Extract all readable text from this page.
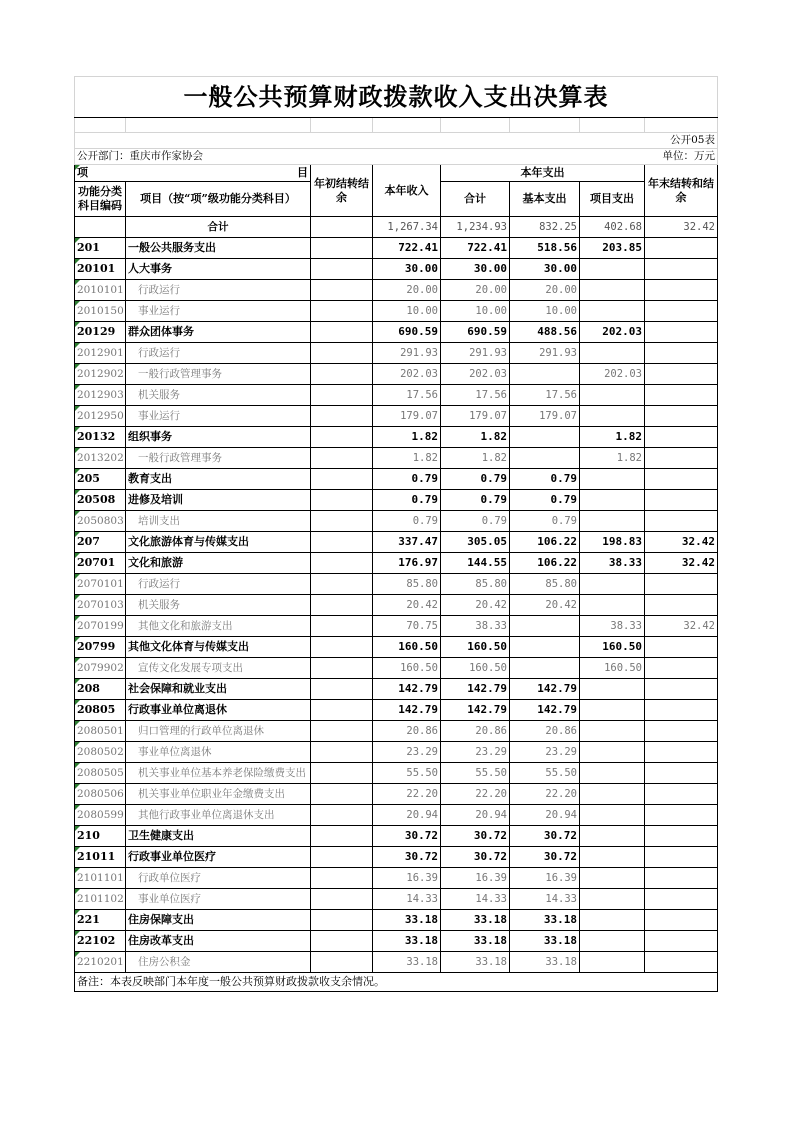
一般公共预算财政拨款收入支出决算表							

							公开05表
公开部门：重庆市作家协会							单位：万元
项	目	年初结转结余	本年收入	本年支出			年末结转和结余
功能分类科目编码	项目（按“项”级功能分类科目）			合计	基本支出	项目支出	

	合计		1,267.34	1,234.93	832.25	402.68	32.42
201	一般公共服务支出		722.41	722.41	518.56	203.85	
20101	人大事务		30.00	30.00	30.00		
2010101	行政运行		20.00	20.00	20.00		
2010150	事业运行		10.00	10.00	10.00		
20129	群众团体事务		690.59	690.59	488.56	202.03	
2012901	行政运行		291.93	291.93	291.93		
2012902	一般行政管理事务		202.03	202.03		202.03	
2012903	机关服务		17.56	17.56	17.56		
2012950	事业运行		179.07	179.07	179.07		
20132	组织事务		1.82	1.82		1.82	
2013202	一般行政管理事务		1.82	1.82		1.82	
205	教育支出		0.79	0.79	0.79		
20508	进修及培训		0.79	0.79	0.79		
2050803	培训支出		0.79	0.79	0.79		
207	文化旅游体育与传媒支出		337.47	305.05	106.22	198.83	32.42
20701	文化和旅游		176.97	144.55	106.22	38.33	32.42
2070101	行政运行		85.80	85.80	85.80		
2070103	机关服务		20.42	20.42	20.42		
2070199	其他文化和旅游支出		70.75	38.33		38.33	32.42
20799	其他文化体育与传媒支出		160.50	160.50		160.50	
2079902	宣传文化发展专项支出		160.50	160.50		160.50	
208	社会保障和就业支出		142.79	142.79	142.79		
20805	行政事业单位离退休		142.79	142.79	142.79		
2080501	归口管理的行政单位离退休		20.86	20.86	20.86		
2080502	事业单位离退休		23.29	23.29	23.29		
2080505	机关事业单位基本养老保险缴费支出		55.50	55.50	55.50		
2080506	机关事业单位职业年金缴费支出		22.20	22.20	22.20		
2080599	其他行政事业单位离退休支出		20.94	20.94	20.94		
210	卫生健康支出		30.72	30.72	30.72		
21011	行政事业单位医疗		30.72	30.72	30.72		
2101101	行政单位医疗		16.39	16.39	16.39		
2101102	事业单位医疗		14.33	14.33	14.33		
221	住房保障支出		33.18	33.18	33.18		
22102	住房改革支出		33.18	33.18	33.18		
2210201	住房公积金		33.18	33.18	33.18		
备注：本表反映部门本年度一般公共预算财政拨款收支余情况。							
